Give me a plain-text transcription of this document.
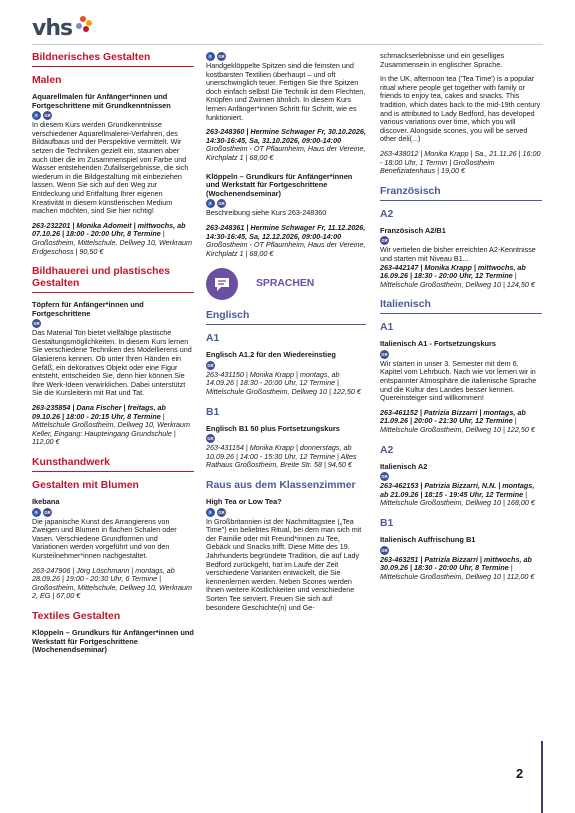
vhs
Bildnerisches Gestalten
Malen
Aquarellmalen für Anfänger*innen und Fortgeschrittene mit Grundkenntnissen
♿	GR
In diesem Kurs werden Grundkenntnisse verschiedener Aquarellmalerei-Verfahren, des Bildaufbaus und der Perspektive vermittelt. Wir setzen die Techniken gezielt ein, staunen aber auch über die im Zusammenspiel von Farbe und Wasser entstehenden Zufallsergebnisse, die sich wiederum in die Bildgestaltung mit einbeziehen lassen. Wenn Sie sich auf den Weg zur Entdeckung und Entfaltung Ihrer eigenen Kreativität in diesem künstlerischen Medium machen möchten, sind Sie hier richtig!
263-232201 | Monika Adomeit | mittwochs, ab 07.10.26 | 18:00 - 20:00 Uhr, 8 Termine | Großostheim, Mittelschule, Dellweg 10, Werkraum Erdgeschoss | 90,50 €
Bildhauerei und plastisches Gestalten
Töpfern für Anfänger*innen und Fortgeschrittene
GR
Das Material Ton bietet vielfältige plastische Gestaltungsmöglichkeiten. In diesem Kurs lernen Sie verschiedene Techniken des Modellierens und Glasierens kennen. Ob unter Ihren Händen ein Gefäß, ein dekoratives Objekt oder eine Figur entsteht, entscheiden Sie, denn hier können Sie Ihre Werk-Ideen verwirklichen. Dabei unterstützt Sie die Kursleiterin mit Rat und Tat.
263-235854 | Dana Fischer | freitags, ab 09.10.26 | 18:00 - 20:15 Uhr, 8 Termine | Mittelschule Großostheim, Dellweg 10, Werkraum Keller, Eingang: Haupteingang Grundschule | 112,00 €
Kunsthandwerk
Gestalten mit Blumen
Ikebana
♿	GR
Die japanische Kunst des Arrangierens von Zweigen und Blumen in flachen Schalen oder Vasen. Verschiedene Grundformen und Variationen werden vorgeführt und von den Kursteilnehmer*innen nachgestaltet.
263-247906 | Jörg Löschmann | montags, ab 28.09.26 | 19:00 - 20:30 Uhr, 6 Termine | Großostheim, Mittelschule, Dellweg 10, Werkraum 2, EG | 67,00 €
Textiles Gestalten
Klöppeln – Grundkurs für Anfänger*innen und Werkstatt für Fortgeschrittene (Wochenendseminar)
♿	GR
Handgeklöppelte Spitzen sind die feinsten und kostbarsten Textilien überhaupt – und oft unerschwinglich teuer. Fertigen Sie Ihre Spitzen doch einfach selbst! Die Technik ist dem Flechten, Knüpfen und Zwirnen ähnlich. In diesem Kurs lernen Anfänger*innen Schritt für Schritt, wie es funktioniert.
263-248360 | Hermine Schwager Fr, 30.10.2026, 14:30-16:45, Sa, 31.10.2026, 09:00-14:00
Großostheim - OT Pflaumheim, Haus der Vereine, Kirchplatz 1 | 68,00 €
Klöppeln – Grundkurs für Anfänger*innen und Werkstatt für Fortgeschrittene (Wochenendseminar)
♿	GR
Beschreibung siehe Kurs 263-248360
263-248361 | Hermine Schwager Fr, 11.12.2026, 14:30-16:45, Sa, 12.12.2026, 09:00-14:00
Großostheim - OT Pflaumheim, Haus der Vereine, Kirchplatz 1 | 68,00 €
SPRACHEN
Englisch
A1
Englisch A1.2 für den Wiedereinstieg
GR
263-431150 | Monika Krapp | montags, ab 14.09.26 | 18:30 - 20:00 Uhr, 12 Termine | Mittelschule Großostheim, Dellweg 10 | 122,50 €
B1
Englisch B1 50 plus Fortsetzungskurs
GR
263-431154 | Monika Krapp | donnerstags, ab 10.09.26 | 14:00 - 15:30 Uhr, 12 Termine | Altes Rathaus Großostheim, Breite Str. 58 | 94,50 €
Raus aus dem Klassenzimmer
High Tea or Low Tea?
♿	GR
In Großbritannien ist der Nachmittagstee („Tea Time") ein beliebtes Ritual, bei dem man sich mit der Familie oder mit Freund*innen zu Tee, Gebäck und Snacks trifft. Diese Mitte des 19. Jahrhunderts begründete Tradition, die auf Lady Bedford zurückgeht, hat im Laufe der Zeit verschiedene Varianten entwickelt, die Sie kennenlernen werden. Neben Scones werden Ihnen weitere Köstlichkeiten und verschiedene Sorten Tee serviert. Freuen Sie sich auf besondere Geschichte(n) und Ge-
schmackserlebnisse und ein geselliges Zusammensein in englischer Sprache.
In the UK, afternoon tea ('Tea Time') is a popular ritual where people get together with family or friends to enjoy tea, cakes and snacks. This tradition, which dates back to the mid-19th century and is attributed to Lady Bedford, has developed various variations over time, which you will discover. Alongside scones, you will be served other deli(...)
263-438012 | Monika Krapp | Sa., 21.11.26 | 16:00 - 18:00 Uhr, 1 Termin | Großostheim Benefiziatenhaus | 19,00 €
Französisch
A2
Französisch A2/B1
GR
Wir vertiefen die bisher erreichten A2-Kenntnisse und starten mit Niveau B1...
263-442147 | Monika Krapp | mittwochs, ab 16.09.26 | 18:30 - 20:00 Uhr, 12 Termine | Mittelschule Großostheim, Dellweg 10 | 124,50 €
Italienisch
A1
Italienisch A1 - Fortsetzungskurs
GR
Wir starten in unser 3. Semester mit dem 6. Kapitel vom Lehrbuch. Nach wie vor lernen wir in entspannter Atmosphäre die italienische Sprache und die Kultur des Landes besser kennen.
Quereinsteiger sind willkommen!
263-461152 | Patrizia Bizzarri | montags, ab 21.09.26 | 20:00 - 21:30 Uhr, 12 Termine | Mittelschule Großostheim, Dellweg 10 | 122,50 €
A2
Italienisch A2
GR
263-462153 | Patrizia Bizzarri, N.N. | montags, ab 21.09.26 | 18:15 - 19:45 Uhr, 12 Termine | Mittelschule Großostheim, Dellweg 10 | 168,00 €
B1
Italienisch Auffrischung B1
GR
263-463251 | Patrizia Bizzarri | mittwochs, ab 30.09.26 | 18:30 - 20:00 Uhr, 8 Termine | Mittelschule Großostheim, Dellweg 10 | 112,00 €
2
